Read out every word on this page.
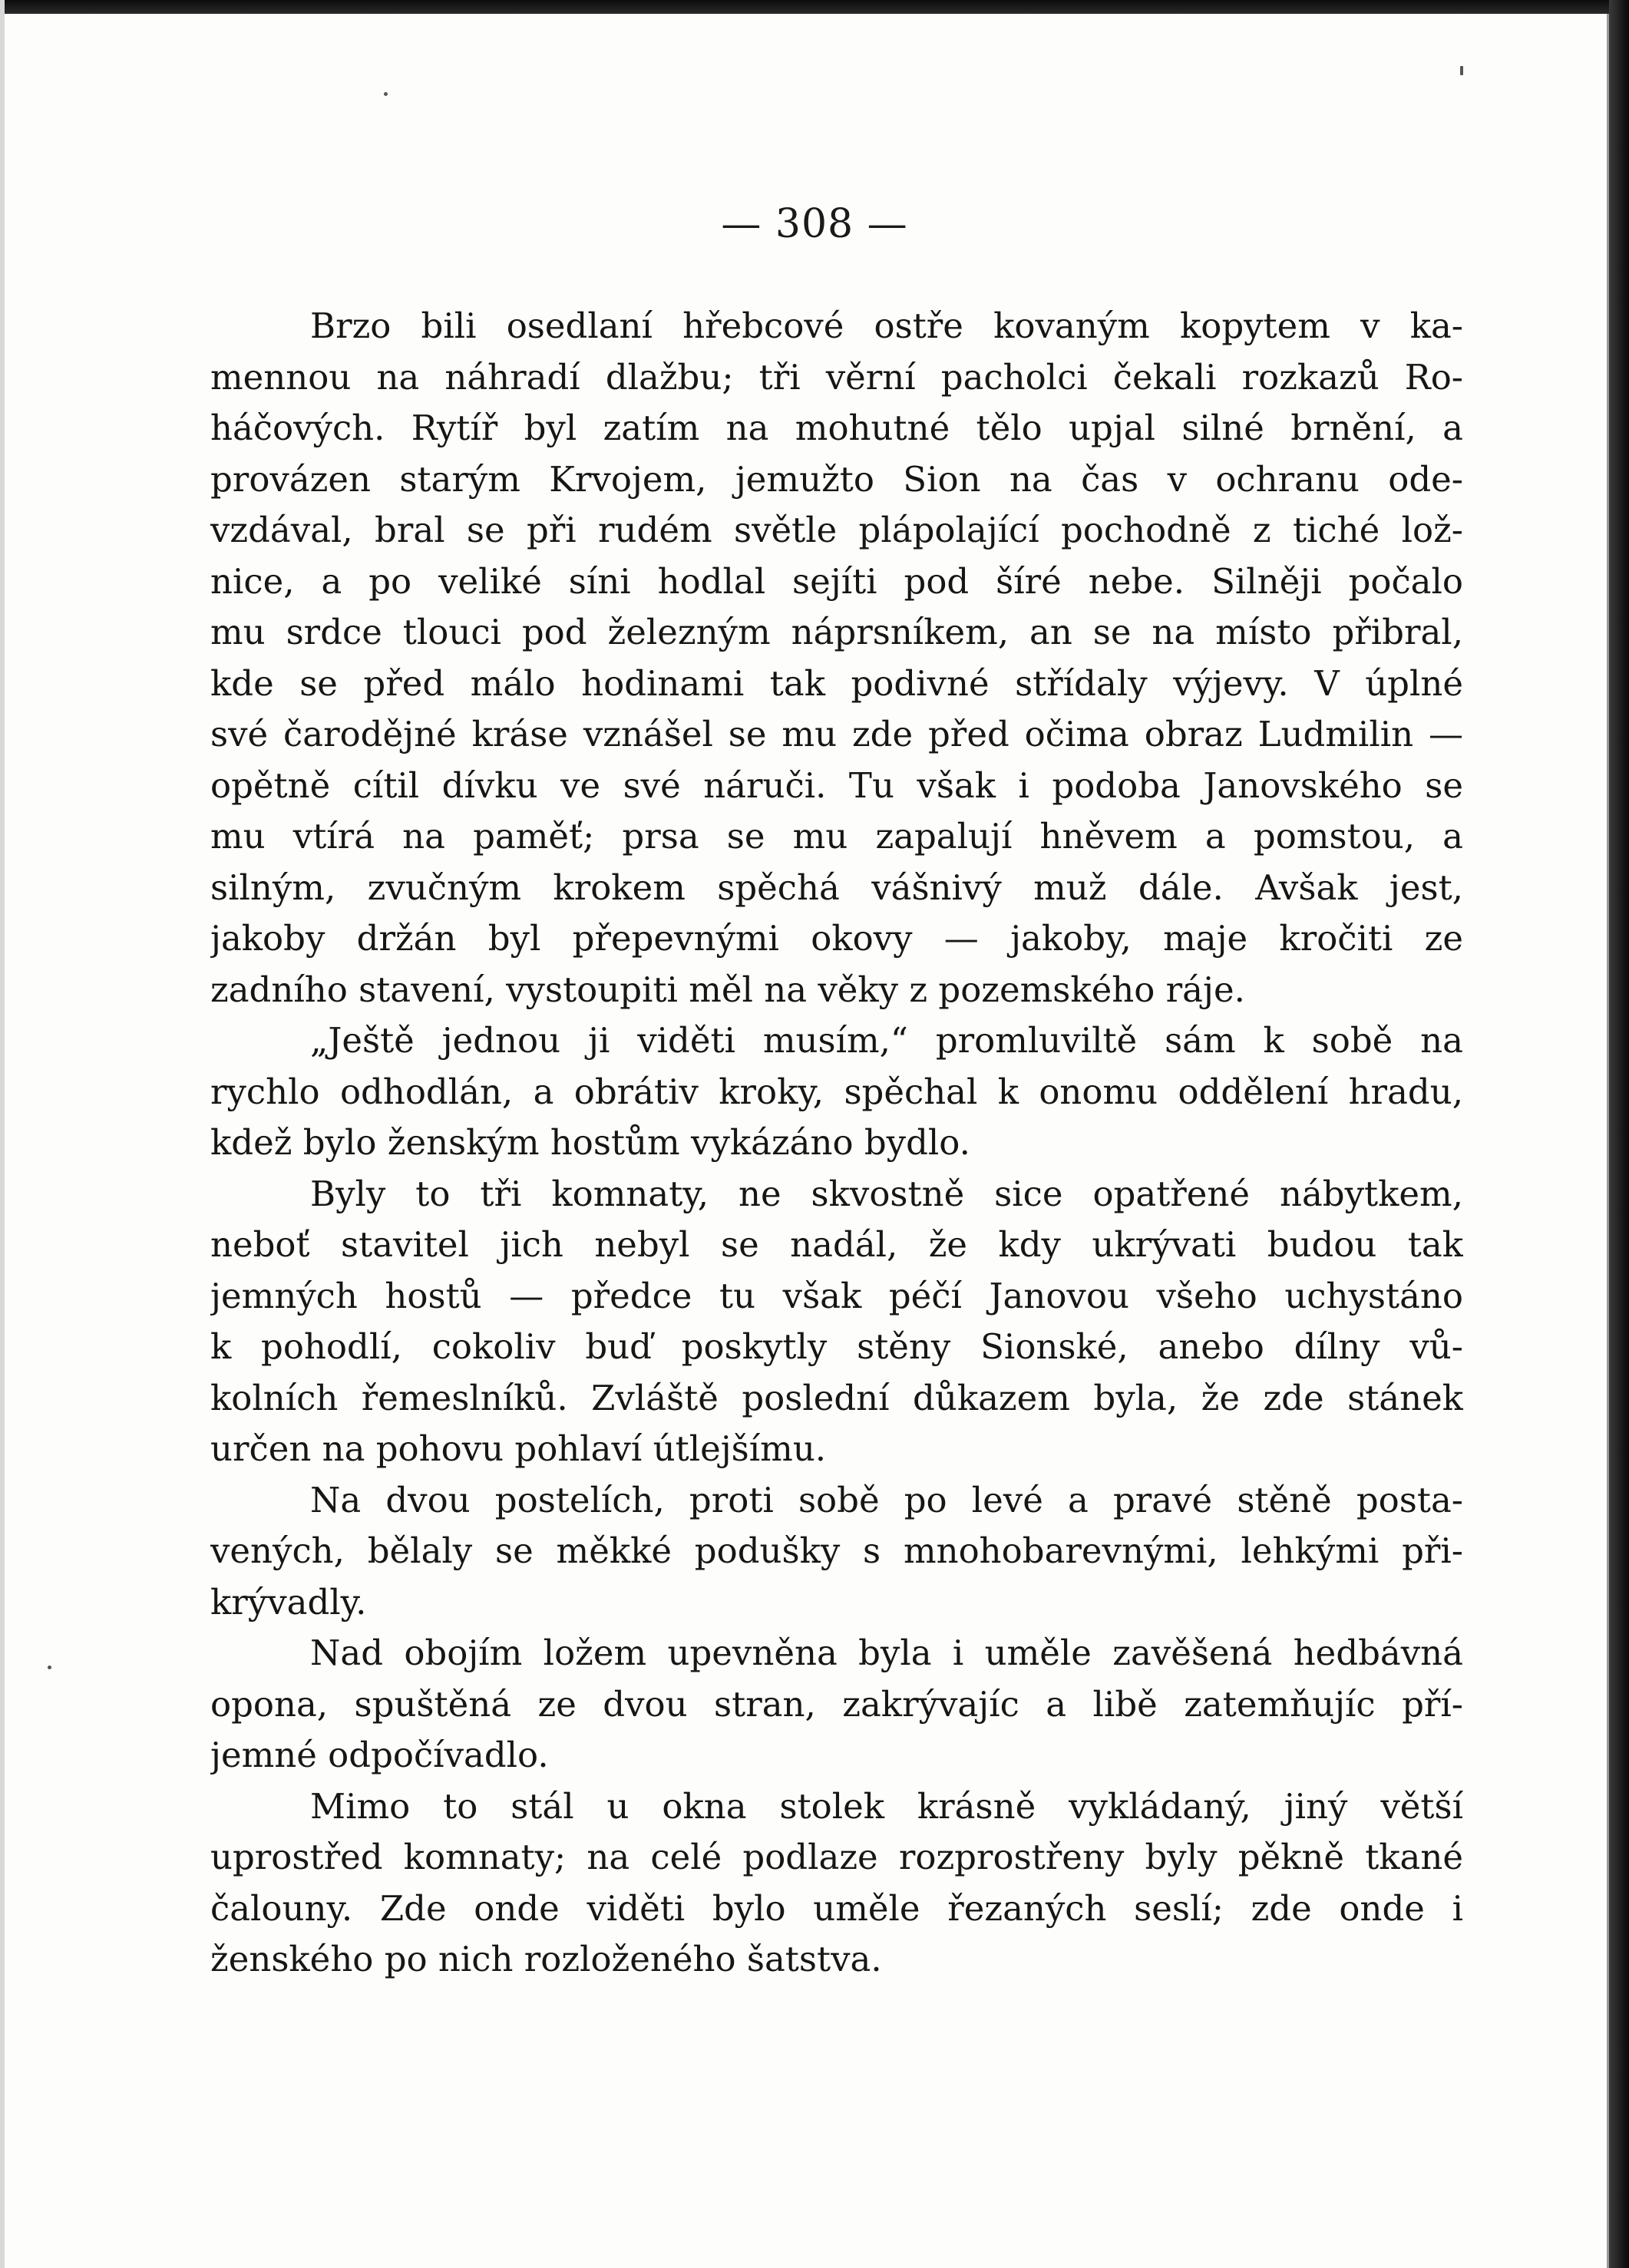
— 308 —
Brzo bili osedlaní hřebcové ostře kovaným kopytem v ka-
mennou na náhradí dlažbu; tři věrní pacholci čekali rozkazů Ro-
háčových. Rytíř byl zatím na mohutné tělo upjal silné brnění, a
provázen starým Krvojem, jemužto Sion na čas v ochranu ode-
vzdával, bral se při rudém světle plápolající pochodně z tiché lož-
nice, a po veliké síni hodlal sejíti pod šíré nebe. Silněji počalo
mu srdce tlouci pod železným náprsníkem, an se na místo přibral,
kde se před málo hodinami tak podivné střídaly výjevy. V úplné
své čarodějné kráse vznášel se mu zde před očima obraz Ludmilin —
opětně cítil dívku ve své náruči. Tu však i podoba Janovského se
mu vtírá na paměť; prsa se mu zapalují hněvem a pomstou, a
silným, zvučným krokem spěchá vášnivý muž dále. Avšak jest,
jakoby držán byl přepevnými okovy — jakoby, maje kročiti ze
zadního stavení, vystoupiti měl na věky z pozemského ráje.
„Ještě jednou ji viděti musím,“ promluviltě sám k sobě na
rychlo odhodlán, a obrátiv kroky, spěchal k onomu oddělení hradu,
kdež bylo ženským hostům vykázáno bydlo.
Byly to tři komnaty, ne skvostně sice opatřené nábytkem,
neboť stavitel jich nebyl se nadál, že kdy ukrývati budou tak
jemných hostů — předce tu však péčí Janovou všeho uchystáno
k pohodlí, cokoliv buď poskytly stěny Sionské, anebo dílny vů-
kolních řemeslníků. Zvláště poslední důkazem byla, že zde stánek
určen na pohovu pohlaví útlejšímu.
Na dvou postelích, proti sobě po levé a pravé stěně posta-
vených, bělaly se měkké podušky s mnohobarevnými, lehkými při-
krývadly.
Nad obojím ložem upevněna byla i uměle zavěšená hedbávná
opona, spuštěná ze dvou stran, zakrývajíc a libě zatemňujíc pří-
jemné odpočívadlo.
Mimo to stál u okna stolek krásně vykládaný, jiný větší
uprostřed komnaty; na celé podlaze rozprostřeny byly pěkně tkané
čalouny. Zde onde viděti bylo uměle řezaných seslí; zde onde i
ženského po nich rozloženého šatstva.
